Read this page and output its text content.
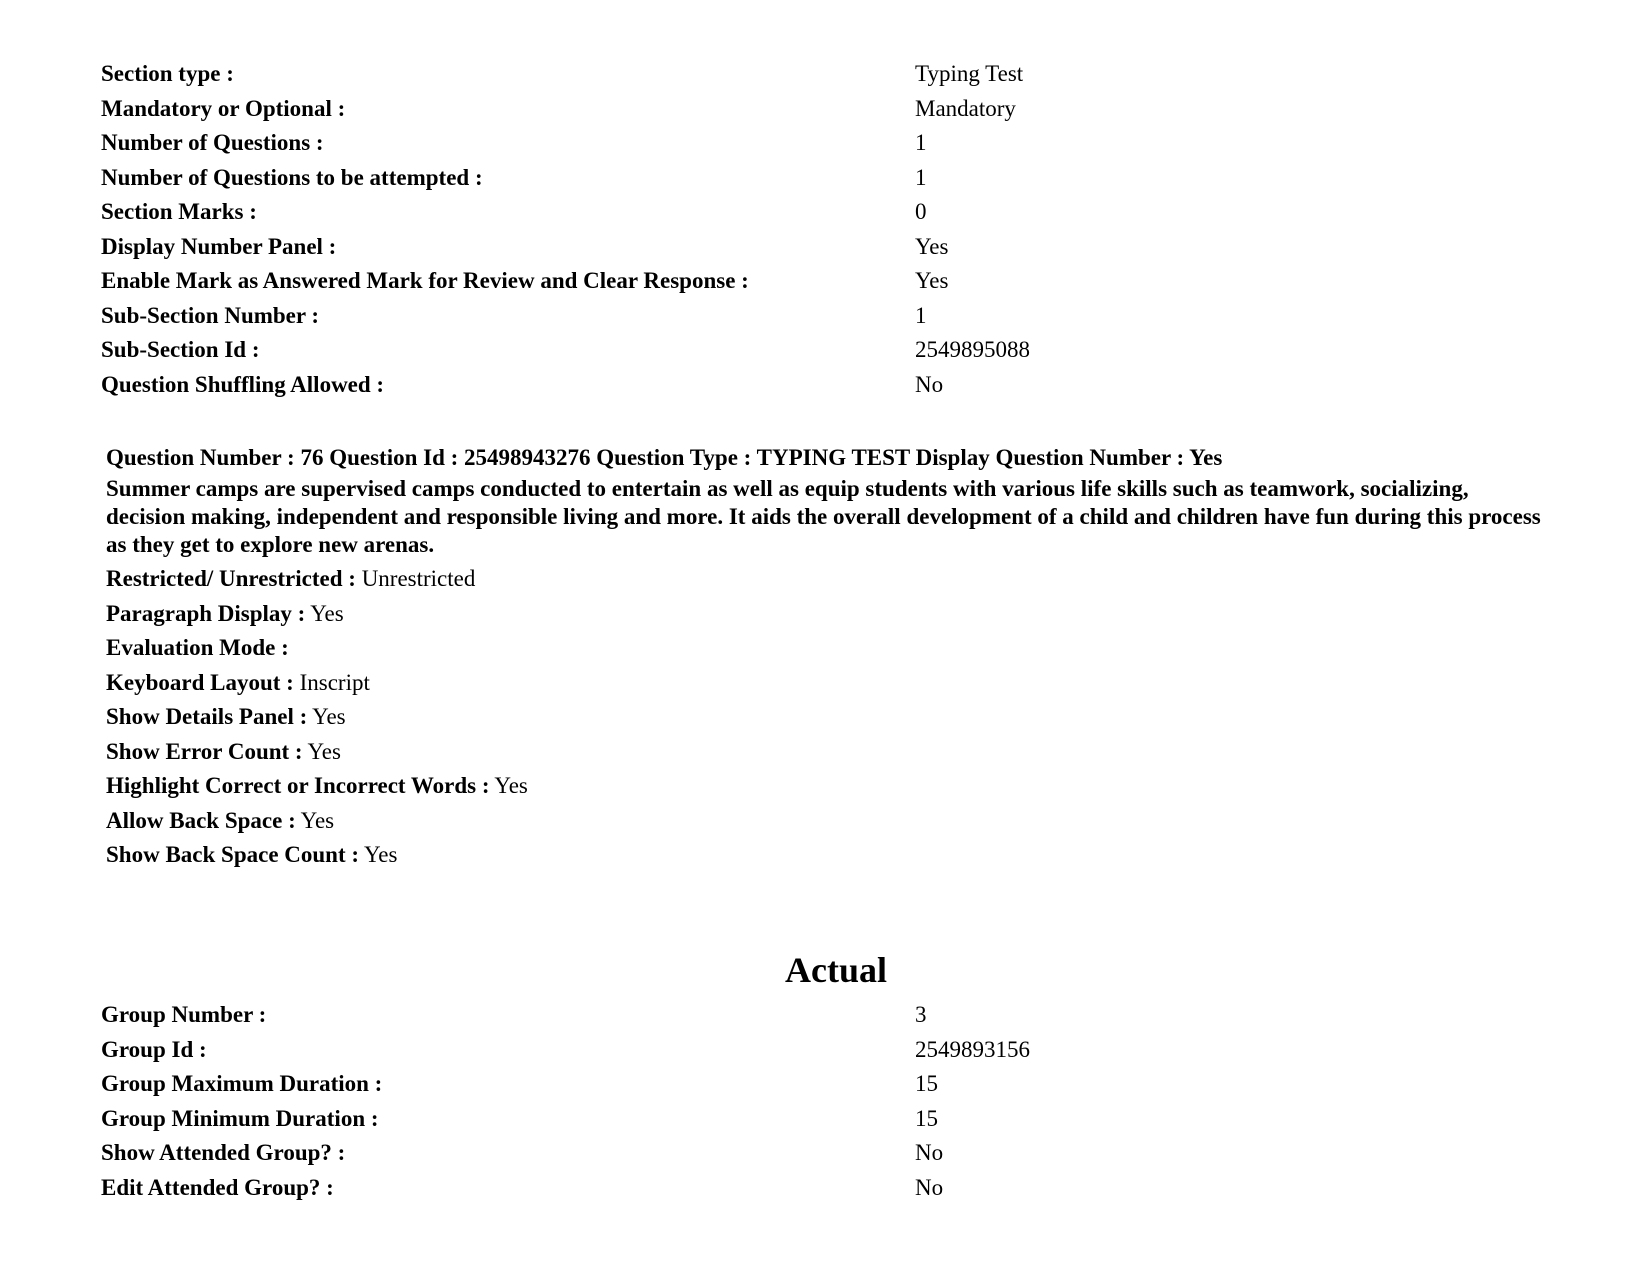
Section type :	Typing Test
Mandatory or Optional :	Mandatory
Number of Questions :	1
Number of Questions to be attempted :	1
Section Marks :	0
Display Number Panel :	Yes
Enable Mark as Answered Mark for Review and Clear Response :	Yes
Sub-Section Number :	1
Sub-Section Id :	2549895088
Question Shuffling Allowed :	No

Question Number : 76 Question Id : 25498943276 Question Type : TYPING TEST Display Question Number : Yes

Summer camps are supervised camps conducted to entertain as well as equip students with various life skills such as teamwork, socializing, decision making, independent and responsible living and more. It aids the overall development of a child and children have fun during this process as they get to explore new arenas.

Restricted/ Unrestricted : Unrestricted

Paragraph Display : Yes

Evaluation Mode :

Keyboard Layout : Inscript

Show Details Panel : Yes

Show Error Count : Yes

Highlight Correct or Incorrect Words : Yes

Allow Back Space : Yes

Show Back Space Count : Yes

Actual
Group Number :	3
Group Id :	2549893156
Group Maximum Duration :	15
Group Minimum Duration :	15
Show Attended Group? :	No
Edit Attended Group? :	No
